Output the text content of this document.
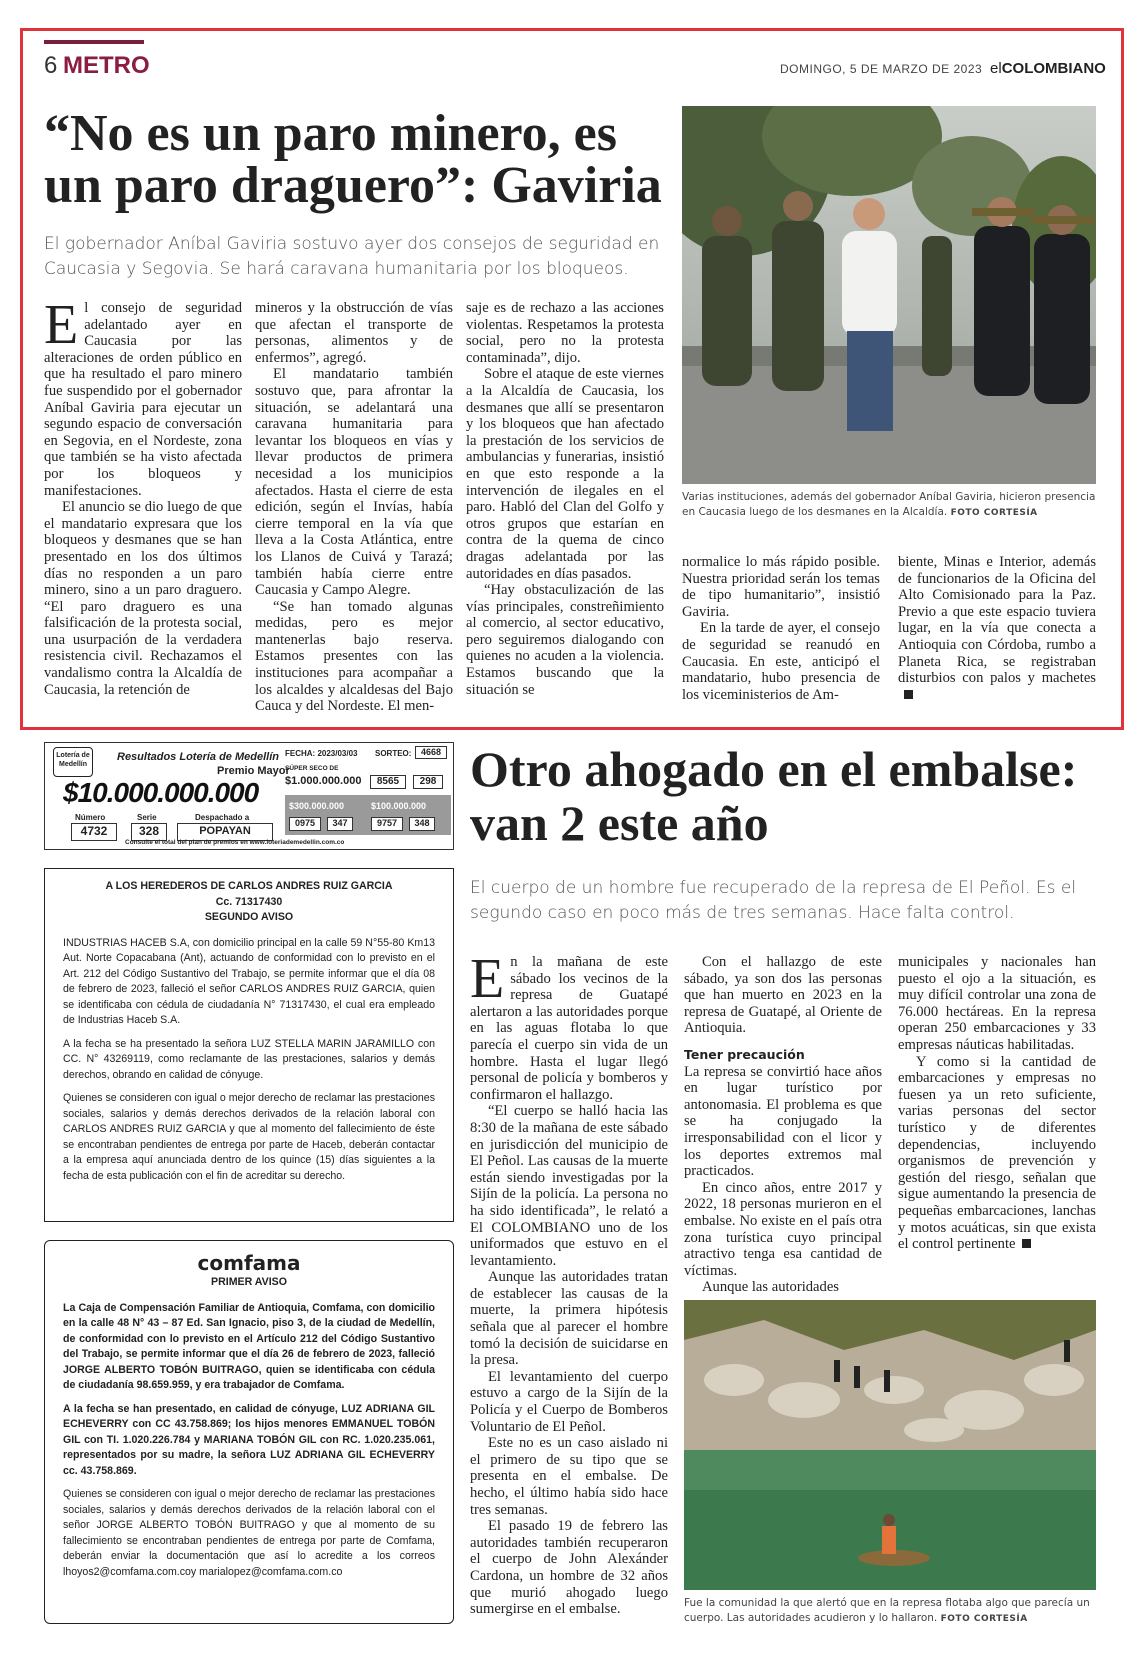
6 METRO	DOMINGO, 5 DE MARZO DE 2023 elCOLOMBIANO
“No es un paro minero, es un paro draguero”: Gaviria
El gobernador Aníbal Gaviria sostuvo ayer dos consejos de seguridad en Caucasia y Segovia. Se hará caravana humanitaria por los bloqueos.

El consejo de seguridad adelantado ayer en Caucasia por las alteraciones de orden público en que ha resultado el paro minero fue suspendido por el gobernador Aníbal Gaviria para ejecutar un segundo espacio de conversación en Segovia, en el Nordeste, zona que también se ha visto afectada por los bloqueos y manifestaciones.

El anuncio se dio luego de que el mandatario expresara que los bloqueos y desmanes que se han presentado en los dos últimos días no responden a un paro minero, sino a un paro draguero. “El paro draguero es una falsificación de la protesta social, una usurpación de la verdadera resistencia civil. Rechazamos el vandalismo contra la Alcaldía de Caucasia, la retención de

mineros y la obstrucción de vías que afectan el transporte de personas, alimentos y de enfermos”, agregó.

El mandatario también sostuvo que, para afrontar la situación, se adelantará una caravana humanitaria para levantar los bloqueos en vías y llevar productos de primera necesidad a los municipios afectados. Hasta el cierre de esta edición, según el Invías, había cierre temporal en la vía que lleva a la Costa Atlántica, entre los Llanos de Cuivá y Tarazá; también había cierre entre Caucasia y Campo Alegre.

“Se han tomado algunas medidas, pero es mejor mantenerlas bajo reserva. Estamos presentes con las instituciones para acompañar a los alcaldes y alcaldesas del Bajo Cauca y del Nordeste. El men-

saje es de rechazo a las acciones violentas. Respetamos la protesta social, pero no la protesta contaminada”, dijo.

Sobre el ataque de este viernes a la Alcaldía de Caucasia, los desmanes que allí se presentaron y los bloqueos que han afectado la prestación de los servicios de ambulancias y funerarias, insistió en que esto responde a la intervención de ilegales en el paro. Habló del Clan del Golfo y otros grupos que estarían en contra de la quema de cinco dragas adelantada por las autoridades en días pasados.

“Hay obstaculización de las vías principales, constreñimiento al comercio, al sector educativo, pero seguiremos dialogando con quienes no acuden a la violencia. Estamos buscando que la situación se

Varias instituciones, además del gobernador Aníbal Gaviria, hicieron presencia en Caucasia luego de los desmanes en la Alcaldía. FOTO CORTESÍA

normalice lo más rápido posible. Nuestra prioridad serán los temas de tipo humanitario”, insistió Gaviria.

En la tarde de ayer, el consejo de seguridad se reanudó en Caucasia. En este, anticipó el mandatario, hubo presencia de los viceministerios de Am-

biente, Minas e Interior, además de funcionarios de la Oficina del Alto Comisionado para la Paz. Previo a que este espacio tuviera lugar, en la vía que conecta a Antioquia con Córdoba, rumbo a Planeta Rica, se registraban disturbios con palos y machetes

Lotería de Medellín
Resultados Lotería de Medellín
Premio Mayor
$10.000.000.000
Número	Serie	Despachado a
4732	328	POPAYAN
FECHA: 2023/03/03 SORTEO:	4668
SÚPER SECO DE
$1.000.000.000	8565	298
$300.000.000	$100.000.000
0975	347	9757	348
Consulte el total del plan de premios en www.loteriademedellin.com.co

A LOS HEREDEROS DE CARLOS ANDRES RUIZ GARCIA

Cc. 71317430

SEGUNDO AVISO

INDUSTRIAS HACEB S.A, con domicilio principal en la calle 59 N°55-80 Km13 Aut. Norte Copacabana (Ant), actuando de conformidad con lo previsto en el Art. 212 del Código Sustantivo del Trabajo, se permite informar que el día 08 de febrero de 2023, falleció el señor CARLOS ANDRES RUIZ GARCIA, quien se identificaba con cédula de ciudadanía N° 71317430, el cual era empleado de Industrias Haceb S.A.

A la fecha se ha presentado la señora LUZ STELLA MARIN JARAMILLO con CC. N° 43269119, como reclamante de las prestaciones, salarios y demás derechos, obrando en calidad de cónyuge.

Quienes se consideren con igual o mejor derecho de reclamar las prestaciones sociales, salarios y demás derechos derivados de la relación laboral con CARLOS ANDRES RUIZ GARCIA y que al momento del fallecimiento de éste se encontraban pendientes de entrega por parte de Haceb, deberán contactar a la empresa aquí anunciada dentro de los quince (15) días siguientes a la fecha de esta publicación con el fin de acreditar su derecho.

comfama

PRIMER AVISO

La Caja de Compensación Familiar de Antioquia, Comfama, con domicilio en la calle 48 N° 43 – 87 Ed. San Ignacio, piso 3, de la ciudad de Medellín, de conformidad con lo previsto en el Artículo 212 del Código Sustantivo del Trabajo, se permite informar que el día 26 de febrero de 2023, falleció JORGE ALBERTO TOBÓN BUITRAGO, quien se identificaba con cédula de ciudadanía 98.659.959, y era trabajador de Comfama.

A la fecha se han presentado, en calidad de cónyuge, LUZ ADRIANA GIL ECHEVERRY con CC 43.758.869; los hijos menores EMMANUEL TOBÓN GIL con TI. 1.020.226.784 y MARIANA TOBÓN GIL con RC. 1.020.235.061, representados por su madre, la señora LUZ ADRIANA GIL ECHEVERRY cc. 43.758.869.

Quienes se consideren con igual o mejor derecho de reclamar las prestaciones sociales, salarios y demás derechos derivados de la relación laboral con el señor JORGE ALBERTO TOBÓN BUITRAGO y que al momento de su fallecimiento se encontraban pendientes de entrega por parte de Comfama, deberán enviar la documentación que así lo acredite a los correos lhoyos2@comfama.com.coy marialopez@comfama.com.co

Otro ahogado en el embalse: van 2 este año
El cuerpo de un hombre fue recuperado de la represa de El Peñol. Es el segundo caso en poco más de tres semanas. Hace falta control.

En la mañana de este sábado los vecinos de la represa de Guatapé alertaron a las autoridades porque en las aguas flotaba lo que parecía el cuerpo sin vida de un hombre. Hasta el lugar llegó personal de policía y bomberos y confirmaron el hallazgo.

“El cuerpo se halló hacia las 8:30 de la mañana de este sábado en jurisdicción del municipio de El Peñol. Las causas de la muerte están siendo investigadas por la Sijín de la policía. La persona no ha sido identificada”, le relató a El COLOMBIANO uno de los uniformados que estuvo en el levantamiento.

Aunque las autoridades tratan de establecer las causas de la muerte, la primera hipótesis señala que al parecer el hombre tomó la decisión de suicidarse en la presa.

El levantamiento del cuerpo estuvo a cargo de la Sijín de la Policía y el Cuerpo de Bomberos Voluntario de El Peñol.

Este no es un caso aislado ni el primero de su tipo que se presenta en el embalse. De hecho, el último había sido hace tres semanas.

El pasado 19 de febrero las autoridades también recuperaron el cuerpo de John Alexánder Cardona, un hombre de 32 años que murió ahogado luego sumergirse en el embalse.

Con el hallazgo de este sábado, ya son dos las personas que han muerto en 2023 en la represa de Guatapé, al Oriente de Antioquia.

Tener precaución

La represa se convirtió hace años en lugar turístico por antonomasia. El problema es que se ha conjugado la irresponsabilidad con el licor y los deportes extremos mal practicados.

En cinco años, entre 2017 y 2022, 18 personas murieron en el embalse. No existe en el país otra zona turística cuyo principal atractivo tenga esa cantidad de víctimas.

Aunque las autoridades

municipales y nacionales han puesto el ojo a la situación, es muy difícil controlar una zona de 76.000 hectáreas. En la represa operan 250 embarcaciones y 33 empresas náuticas habilitadas.

Y como si la cantidad de embarcaciones y empresas no fuesen ya un reto suficiente, varias personas del sector turístico y de diferentes dependencias, incluyendo organismos de prevención y gestión del riesgo, señalan que sigue aumentando la presencia de pequeñas embarcaciones, lanchas y motos acuáticas, sin que exista el control pertinente

Fue la comunidad la que alertó que en la represa flotaba algo que parecía un cuerpo. Las autoridades acudieron y lo hallaron. FOTO CORTESÍA
